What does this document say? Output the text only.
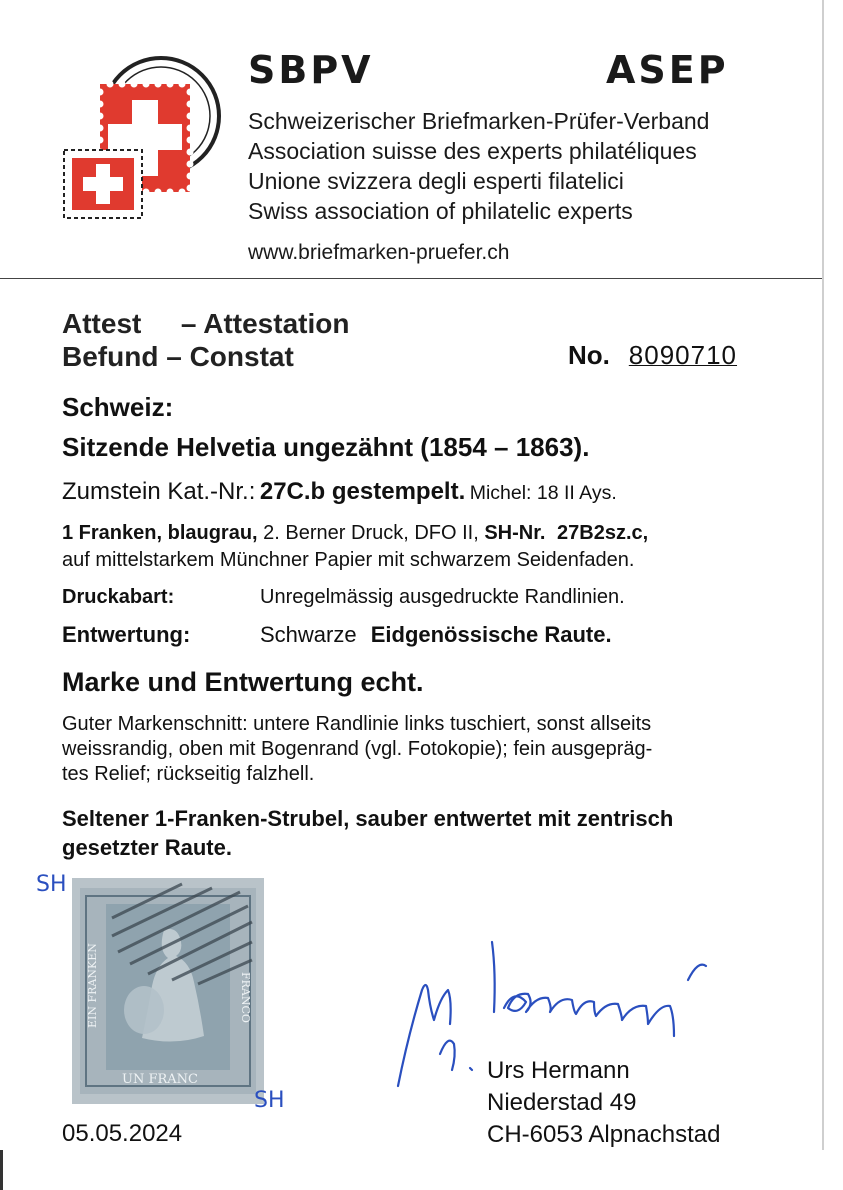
SBPV	ASEP
Schweizerischer Briefmarken-Prüfer-Verband
Association suisse des experts philatéliques
Unione svizzera degli esperti filatelici
Swiss association of philatelic experts
www.briefmarken-pruefer.ch
Attest – Attestation
Befund – Constat	No. 8090710
Schweiz:
Sitzende Helvetia ungezähnt (1854 – 1863).
Zumstein Kat.-Nr.: 27C.b gestempelt. Michel: 18 II Ays.
1 Franken, blaugrau, 2. Berner Druck, DFO II, SH-Nr. 27B2sz.c,
auf mittelstarkem Münchner Papier mit schwarzem Seidenfaden.
Druckabart:	Unregelmässig ausgedruckte Randlinien.
Entwertung:	Schwarze Eidgenössische Raute.
Marke und Entwertung echt.
Guter Markenschnitt: untere Randlinie links tuschiert, sonst allseits
weissrandig, oben mit Bogenrand (vgl. Fotokopie); fein ausgepräg-
tes Relief; rückseitig falzhell.
Seltener 1-Franken-Strubel, sauber entwertet mit zentrisch
gesetzter Raute.
EIN FRANKEN	FRANCO
UN FRANC
SH
SH
05.05.2024
Urs Hermann
Niederstad 49
CH-6053 Alpnachstad
